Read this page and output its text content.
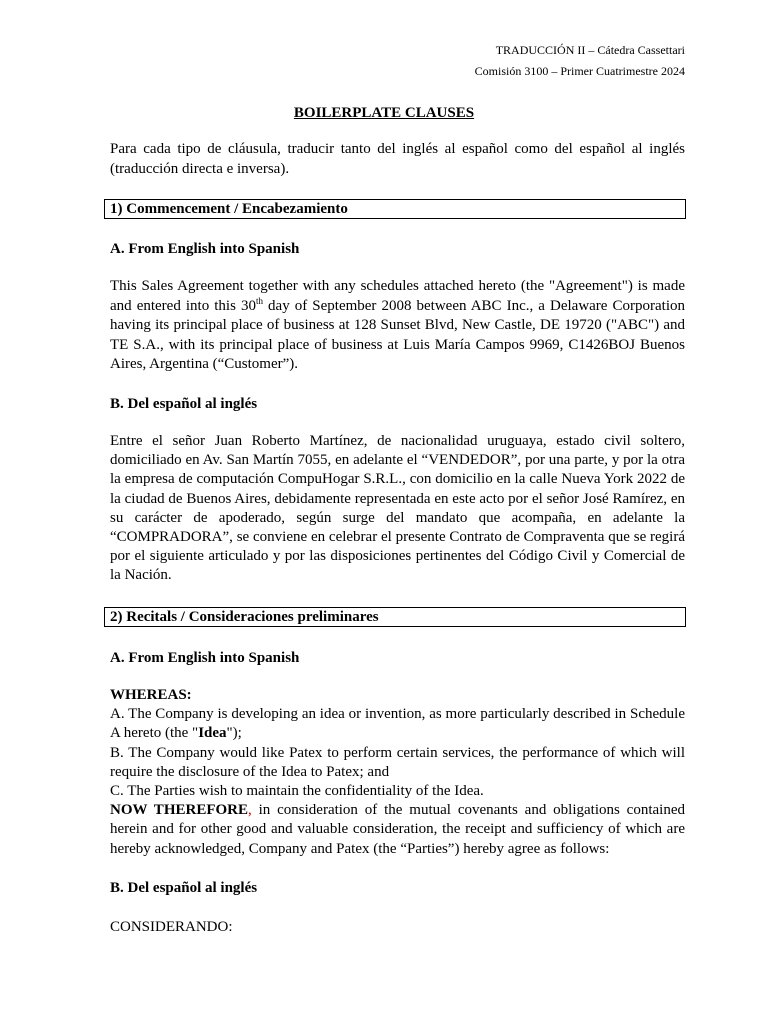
TRADUCCIÓN II – Cátedra Cassettari
Comisión 3100 – Primer Cuatrimestre 2024
BOILERPLATE CLAUSES
Para cada tipo de cláusula, traducir tanto del inglés al español como del español al inglés (traducción directa e inversa).
1) Commencement / Encabezamiento
A. From English into Spanish
This Sales Agreement together with any schedules attached hereto (the "Agreement") is made and entered into this 30th day of September 2008 between ABC Inc., a Delaware Corporation having its principal place of business at 128 Sunset Blvd, New Castle, DE 19720 ("ABC") and TE S.A., with its principal place of business at Luis María Campos 9969, C1426BOJ Buenos Aires, Argentina (“Customer”).
B. Del español al inglés
Entre el señor Juan Roberto Martínez, de nacionalidad uruguaya, estado civil soltero, domiciliado en Av. San Martín 7055, en adelante el “VENDEDOR”, por una parte, y por la otra la empresa de computación CompuHogar S.R.L., con domicilio en la calle Nueva York 2022 de la ciudad de Buenos Aires, debidamente representada en este acto por el señor José Ramírez, en su carácter de apoderado, según surge del mandato que acompaña, en adelante la “COMPRADORA”, se conviene en celebrar el presente Contrato de Compraventa que se regirá por el siguiente articulado y por las disposiciones pertinentes del Código Civil y Comercial de la Nación.
2) Recitals / Consideraciones preliminares
A. From English into Spanish
WHEREAS:
A. The Company is developing an idea or invention, as more particularly described in Schedule A hereto (the "Idea");
B. The Company would like Patex to perform certain services, the performance of which will require the disclosure of the Idea to Patex; and
C. The Parties wish to maintain the confidentiality of the Idea.
NOW THEREFORE, in consideration of the mutual covenants and obligations contained herein and for other good and valuable consideration, the receipt and sufficiency of which are hereby acknowledged, Company and Patex (the “Parties”) hereby agree as follows:
B. Del español al inglés
CONSIDERANDO:
